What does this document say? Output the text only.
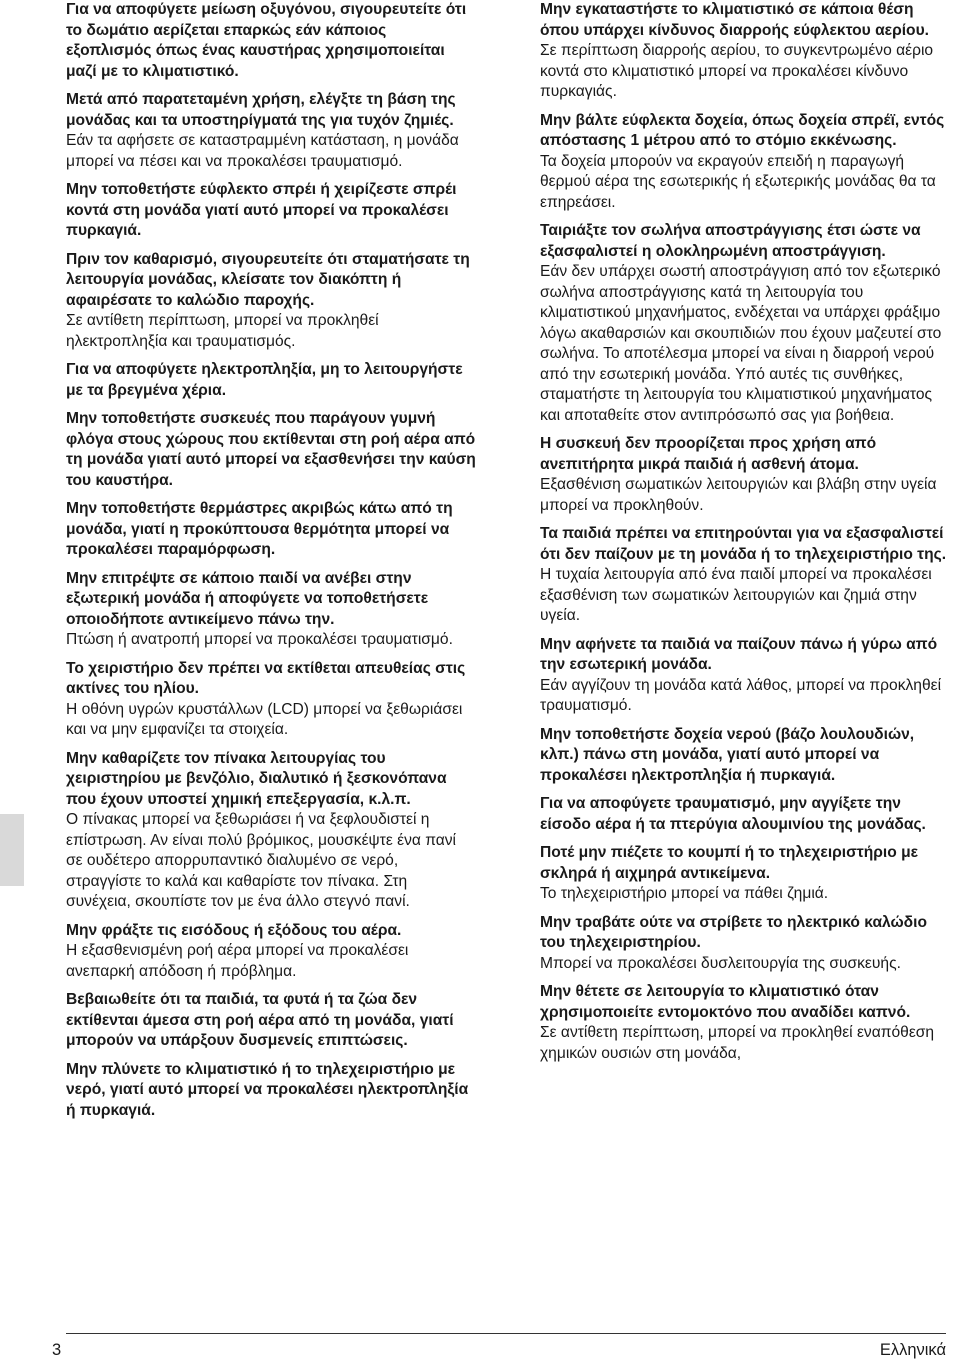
Για να αποφύγετε μείωση οξυγόνου, σιγουρευτείτε ότι το δωμάτιο αερίζεται επαρκώς εάν κάποιος εξοπλισμός όπως ένας καυστήρας χρησιμοποιείται μαζί με το κλιματιστικό.
Μετά από παρατεταμένη χρήση, ελέγξτε τη βάση της μονάδας και τα υποστηρίγματά της για τυχόν ζημιές.
Εάν τα αφήσετε σε καταστραμμένη κατάσταση, η μονάδα μπορεί να πέσει και να προκαλέσει τραυματισμό.
Μην τοποθετήστε εύφλεκτο σπρέι ή χειρίζεστε σπρέι κοντά στη μονάδα γιατί αυτό μπορεί να προκαλέσει πυρκαγιά.
Πριν τον καθαρισμό, σιγουρευτείτε ότι σταματήσατε τη λειτουργία μονάδας, κλείσατε τον διακόπτη ή αφαιρέσατε το καλώδιο παροχής.
Σε αντίθετη περίπτωση, μπορεί να προκληθεί ηλεκτροπληξία και τραυματισμός.
Για να αποφύγετε ηλεκτροπληξία, μη το λειτουργήστε με τα βρεγμένα χέρια.
Μην τοποθετήστε συσκευές που παράγουν γυμνή φλόγα στους χώρους που εκτίθενται στη ροή αέρα από τη μονάδα γιατί αυτό μπορεί να εξασθενήσει την καύση του καυστήρα.
Μην τοποθετήστε θερμάστρες ακριβώς κάτω από τη μονάδα, γιατί η προκύπτουσα θερμότητα μπορεί να προκαλέσει παραμόρφωση.
Μην επιτρέψτε σε κάποιο παιδί να ανέβει στην εξωτερική μονάδα ή αποφύγετε να τοποθετήσετε οποιοδήποτε αντικείμενο πάνω την.
Πτώση ή ανατροπή μπορεί να προκαλέσει τραυματισμό.
Το χειριστήριο δεν πρέπει να εκτίθεται απευθείας στις ακτίνες του ηλίου.
Η οθόνη υγρών κρυστάλλων (LCD) μπορεί να ξεθωριάσει και να μην εμφανίζει τα στοιχεία.
Μην καθαρίζετε τον πίνακα λειτουργίας του χειριστηρίου με βενζόλιο, διαλυτικό ή ξεσκονόπανα που έχουν υποστεί χημική επεξεργασία, κ.λ.π.
Ο πίνακας μπορεί να ξεθωριάσει ή να ξεφλουδιστεί η επίστρωση. Αν είναι πολύ βρόμικος, μουσκέψτε ένα πανί σε ουδέτερο απορρυπαντικό διαλυμένο σε νερό, στραγγίστε το καλά και καθαρίστε τον πίνακα. Στη συνέχεια, σκουπίστε τον με ένα άλλο στεγνό πανί.
Μην φράξτε τις εισόδους ή εξόδους του αέρα.
Η εξασθενισμένη ροή αέρα μπορεί να προκαλέσει ανεπαρκή απόδοση ή πρόβλημα.
Βεβαιωθείτε ότι τα παιδιά, τα φυτά ή τα ζώα δεν εκτίθενται άμεσα στη ροή αέρα από τη μονάδα, γιατί μπορούν να υπάρξουν δυσμενείς επιπτώσεις.
Μην πλύνετε το κλιματιστικό ή το τηλεχειριστήριο με νερό, γιατί αυτό μπορεί να προκαλέσει ηλεκτροπληξία ή πυρκαγιά.
Μην εγκαταστήστε το κλιματιστικό σε κάποια θέση όπου υπάρχει κίνδυνος διαρροής εύφλεκτου αερίου.
Σε περίπτωση διαρροής αερίου, το συγκεντρωμένο αέριο κοντά στο κλιματιστικό μπορεί να προκαλέσει κίνδυνο πυρκαγιάς.
Μην βάλτε εύφλεκτα δοχεία, όπως δοχεία σπρέϊ, εντός απόστασης 1 μέτρου από το στόμιο εκκένωσης.
Τα δοχεία μπορούν να εκραγούν επειδή η παραγωγή θερμού αέρα της εσωτερικής ή εξωτερικής μονάδας θα τα επηρεάσει.
Ταιριάξτε τον σωλήνα αποστράγγισης έτσι ώστε να εξασφαλιστεί η ολοκληρωμένη αποστράγγιση.
Εάν δεν υπάρχει σωστή αποστράγγιση από τον εξωτερικό σωλήνα αποστράγγισης κατά τη λειτουργία του κλιματιστικού μηχανήματος, ενδέχεται να υπάρχει φράξιμο λόγω ακαθαρσιών και σκουπιδιών που έχουν μαζευτεί στο σωλήνα. Το αποτέλεσμα μπορεί να είναι η διαρροή νερού από την εσωτερική μονάδα. Υπό αυτές τις συνθήκες, σταματήστε τη λειτουργία του κλιματιστικού μηχανήματος και αποταθείτε στον αντιπρόσωπό σας για βοήθεια.
Η συσκευή δεν προορίζεται προς χρήση από ανεπιτήρητα μικρά παιδιά ή ασθενή άτομα.
Εξασθένιση σωματικών λειτουργιών και βλάβη στην υγεία μπορεί να προκληθούν.
Τα παιδιά πρέπει να επιτηρούνται για να εξασφαλιστεί ότι δεν παίζουν με τη μονάδα ή το τηλεχειριστήριο της.
Η τυχαία λειτουργία από ένα παιδί μπορεί να προκαλέσει εξασθένιση των σωματικών λειτουργιών και ζημιά στην υγεία.
Μην αφήνετε τα παιδιά να παίζουν πάνω ή γύρω από την εσωτερική μονάδα.
Εάν αγγίζουν τη μονάδα κατά λάθος, μπορεί να προκληθεί τραυματισμό.
Μην τοποθετήστε δοχεία νερού (βάζο λουλουδιών, κλπ.) πάνω στη μονάδα, γιατί αυτό μπορεί να προκαλέσει ηλεκτροπληξία ή πυρκαγιά.
Για να αποφύγετε τραυματισμό, μην αγγίξετε την είσοδο αέρα ή τα πτερύγια αλουμινίου της μονάδας.
Ποτέ μην πιέζετε το κουμπί ή το τηλεχειριστήριο με σκληρά ή αιχμηρά αντικείμενα.
Το τηλεχειριστήριο μπορεί να πάθει ζημιά.
Μην τραβάτε ούτε να στρίβετε το ηλεκτρικό καλώδιο του τηλεχειριστηρίου.
Μπορεί να προκαλέσει δυσλειτουργία της συσκευής.
Μην θέτετε σε λειτουργία το κλιματιστικό όταν χρησιμοποιείτε εντομοκτόνο που αναδίδει καπνό.
Σε αντίθετη περίπτωση, μπορεί να προκληθεί εναπόθεση χημικών ουσιών στη μονάδα,
3	Ελληνικά
